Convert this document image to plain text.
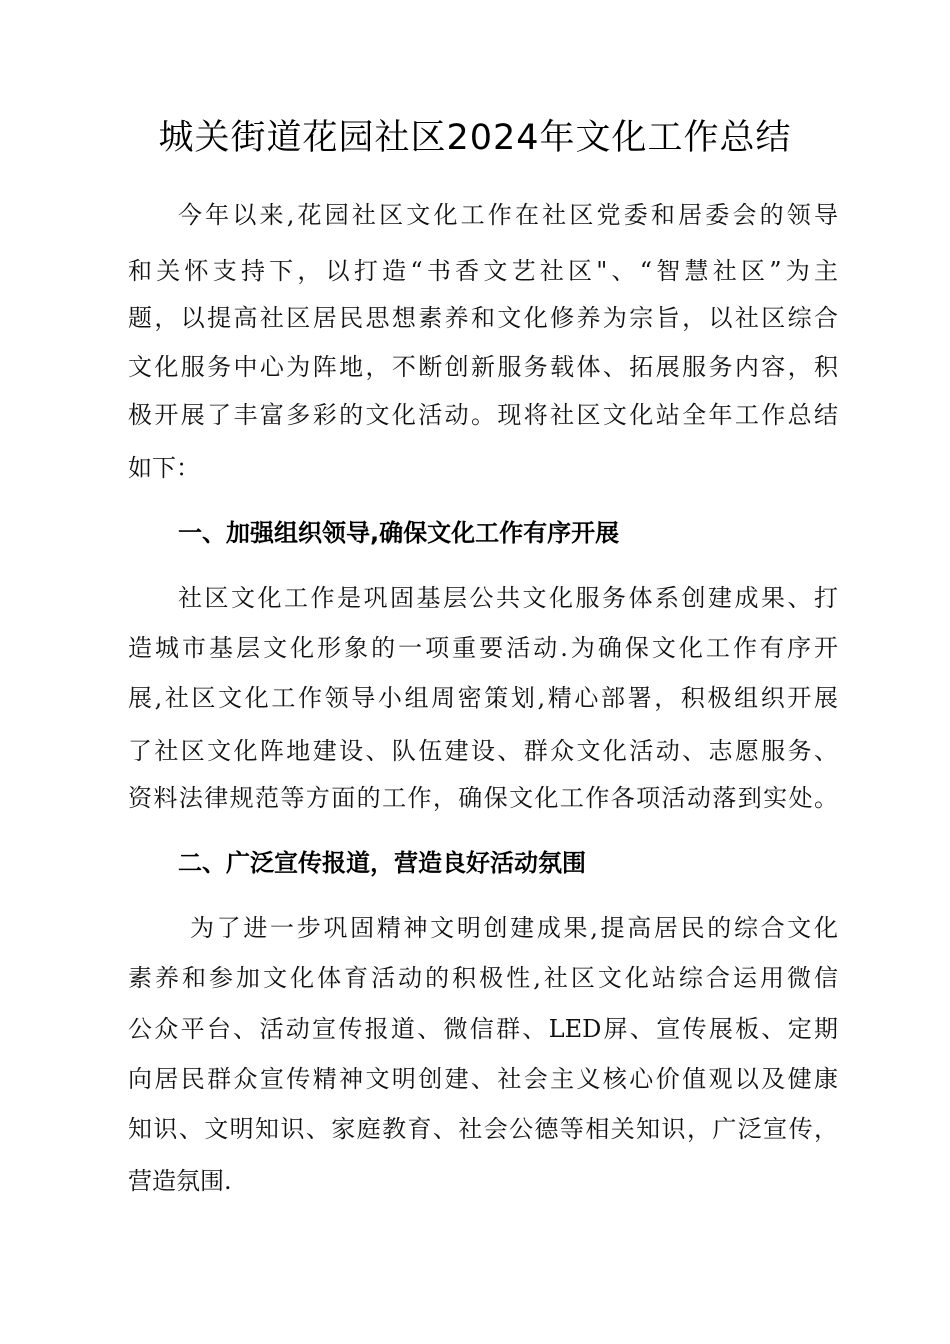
城关街道花园社区2024年文化工作总结
今年以来,花园社区文化工作在社区党委和居委会的领导
和关怀支持下，以打造“书香文艺社区"、“智慧社区”为主
题，以提高社区居民思想素养和文化修养为宗旨，以社区综合
文化服务中心为阵地，不断创新服务载体、拓展服务内容，积
极开展了丰富多彩的文化活动。现将社区文化站全年工作总结
如下：
一、加强组织领导,确保文化工作有序开展
社区文化工作是巩固基层公共文化服务体系创建成果、打
造城市基层文化形象的一项重要活动.为确保文化工作有序开
展,社区文化工作领导小组周密策划,精心部署，积极组织开展
了社区文化阵地建设、队伍建设、群众文化活动、志愿服务、
资料法律规范等方面的工作，确保文化工作各项活动落到实处。
二、广泛宣传报道，营造良好活动氛围
为了进一步巩固精神文明创建成果,提高居民的综合文化
素养和参加文化体育活动的积极性,社区文化站综合运用微信
公众平台、活动宣传报道、微信群、LED屏、宣传展板、定期
向居民群众宣传精神文明创建、社会主义核心价值观以及健康
知识、文明知识、家庭教育、社会公德等相关知识，广泛宣传，
营造氛围.
